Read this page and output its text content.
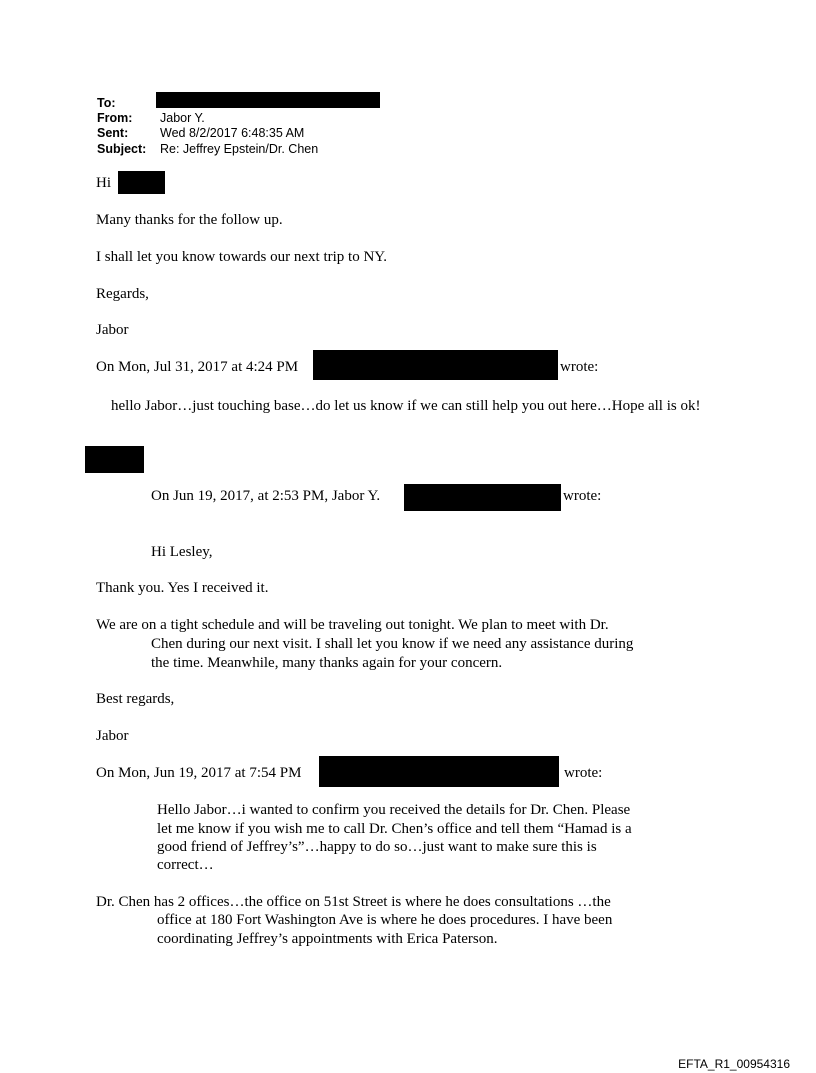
To:
From: Jabor Y.
Sent:	Wed 8/2/2017 6:48:35 AM
Subject: Re: Jeffrey Epstein/Dr. Chen
Hi
Many thanks for the follow up.
I shall let you know towards our next trip to NY.
Regards,
Jabor
On Mon, Jul 31, 2017 at 4:24 PM	wrote:
hello Jabor…just touching base…do let us know if we can still help you out here…Hope all is ok!
On Jun 19, 2017, at 2:53 PM, Jabor Y.	wrote:
Hi Lesley,
Thank you. Yes I received it.
We are on a tight schedule and will be traveling out tonight. We plan to meet with Dr.
Chen during our next visit. I shall let you know if we need any assistance during
the time. Meanwhile, many thanks again for your concern.
Best regards,
Jabor
On Mon, Jun 19, 2017 at 7:54 PM	wrote:
Hello Jabor…i wanted to confirm you received the details for Dr. Chen. Please
let me know if you wish me to call Dr. Chen’s office and tell them “Hamad is a
good friend of Jeffrey’s”…happy to do so…just want to make sure this is
correct…
Dr. Chen has 2 offices…the office on 51st Street is where he does consultations …the
office at 180 Fort Washington Ave is where he does procedures. I have been
coordinating Jeffrey’s appointments with Erica Paterson.
EFTA_R1_00954316
